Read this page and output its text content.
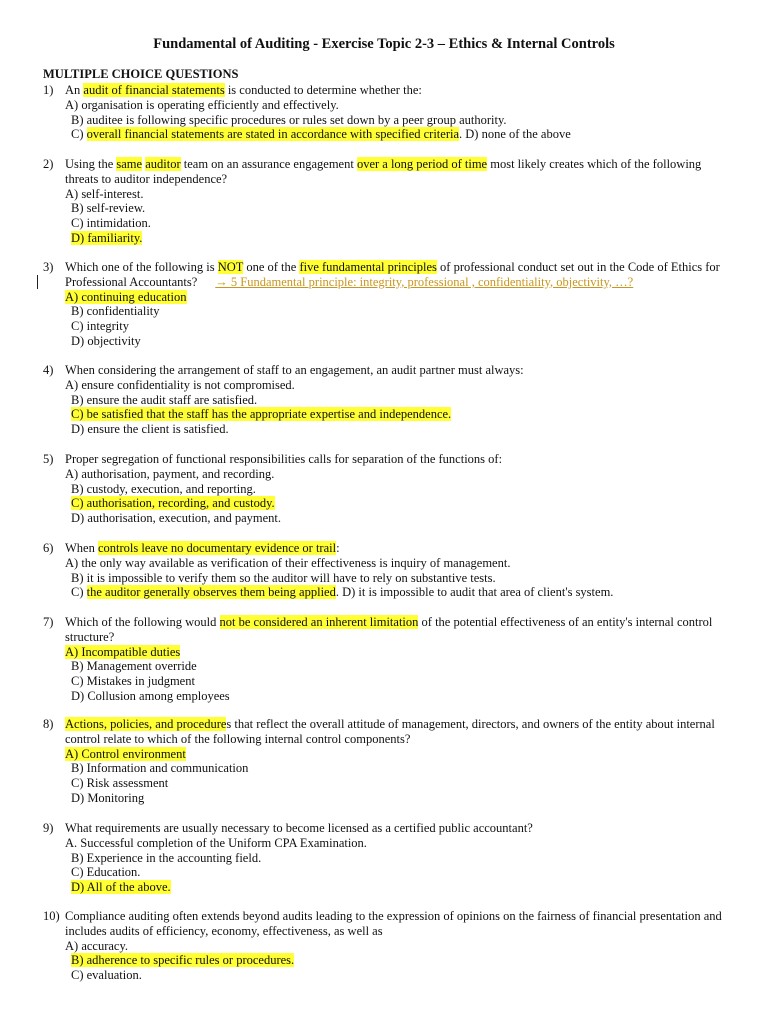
Fundamental of Auditing - Exercise Topic 2-3 – Ethics & Internal Controls
MULTIPLE CHOICE QUESTIONS
1) An audit of financial statements is conducted to determine whether the:
A) organisation is operating efficiently and effectively.
B) auditee is following specific procedures or rules set down by a peer group authority.
C) overall financial statements are stated in accordance with specified criteria. D) none of the above
2) Using the same auditor team on an assurance engagement over a long period of time most likely creates which of the following threats to auditor independence?
A) self-interest.
B) self-review.
C) intimidation.
D) familiarity.
3) Which one of the following is NOT one of the five fundamental principles of professional conduct set out in the Code of Ethics for Professional Accountants? → 5 Fundamental principle: integrity, professional , confidentiality, objectivity, …?
A) continuing education
B) confidentiality
C) integrity
D) objectivity
4) When considering the arrangement of staff to an engagement, an audit partner must always:
A) ensure confidentiality is not compromised.
B) ensure the audit staff are satisfied.
C) be satisfied that the staff has the appropriate expertise and independence.
D) ensure the client is satisfied.
5) Proper segregation of functional responsibilities calls for separation of the functions of:
A) authorisation, payment, and recording.
B) custody, execution, and reporting.
C) authorisation, recording, and custody.
D) authorisation, execution, and payment.
6) When controls leave no documentary evidence or trail:
A) the only way available as verification of their effectiveness is inquiry of management.
B) it is impossible to verify them so the auditor will have to rely on substantive tests.
C) the auditor generally observes them being applied. D) it is impossible to audit that area of client's system.
7) Which of the following would not be considered an inherent limitation of the potential effectiveness of an entity's internal control structure?
A) Incompatible duties
B) Management override
C) Mistakes in judgment
D) Collusion among employees
8) Actions, policies, and procedures that reflect the overall attitude of management, directors, and owners of the entity about internal control relate to which of the following internal control components?
A) Control environment
B) Information and communication
C) Risk assessment
D) Monitoring
9) What requirements are usually necessary to become licensed as a certified public accountant?
A. Successful completion of the Uniform CPA Examination.
B) Experience in the accounting field.
C) Education.
D) All of the above.
10) Compliance auditing often extends beyond audits leading to the expression of opinions on the fairness of financial presentation and includes audits of efficiency, economy, effectiveness, as well as
A) accuracy.
B) adherence to specific rules or procedures.
C) evaluation.
